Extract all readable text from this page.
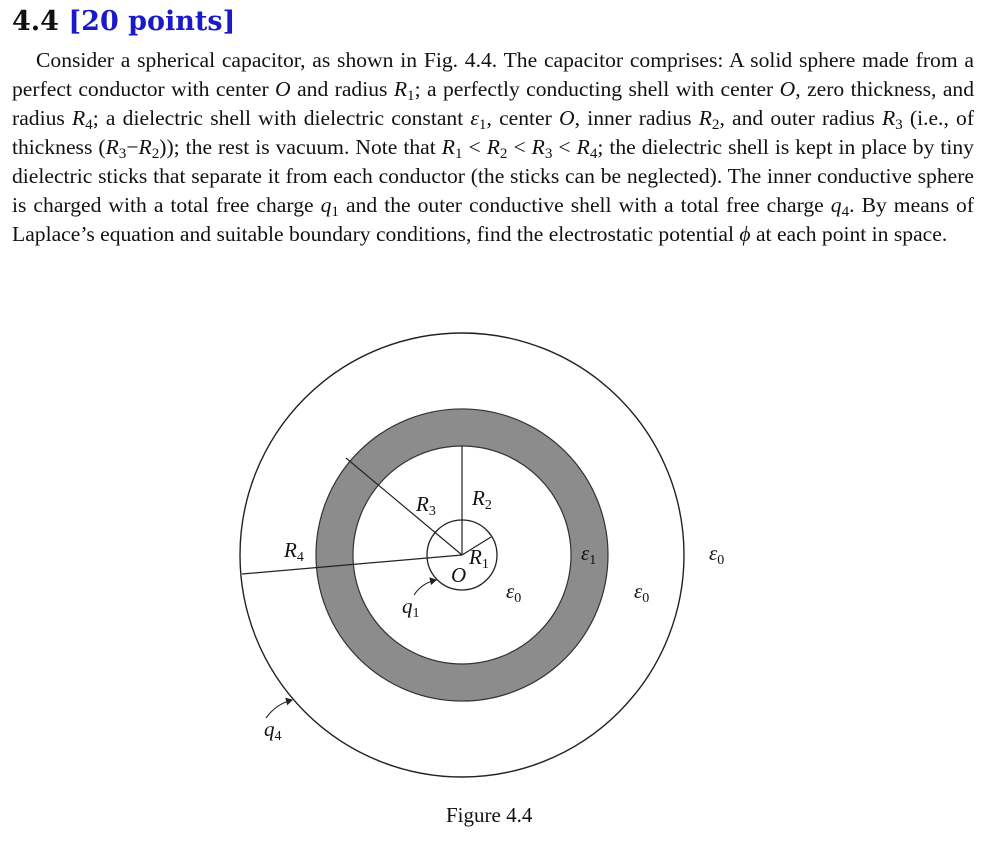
4.4 [20 points]
Consider a spherical capacitor, as shown in Fig. 4.4. The capacitor comprises: A solid sphere made from a perfect conductor with center O and radius $R_1$; a perfectly conducting shell with center O, zero thickness, and radius $R_4$; a dielectric shell with dielectric constant $\varepsilon_1$, center O, inner radius $R_2$, and outer radius $R_3$ (i.e., of thickness $(R_3-R_2)$); the rest is vacuum. Note that $R_1 < R_2 < R_3 < R_4$; the dielectric shell is kept in place by tiny dielectric sticks that separate it from each conductor (the sticks can be neglected). The inner conductive sphere is charged with a total free charge $q_1$ and the outer conductive shell with a total free charge $q_4$. By means of Laplace’s equation and suitable boundary conditions, find the electrostatic potential ϕ at each point in space.
R4
R3
R2
R1
O
ε1
ε0	ε0
ε0
q1
q4
Figure 4.4
